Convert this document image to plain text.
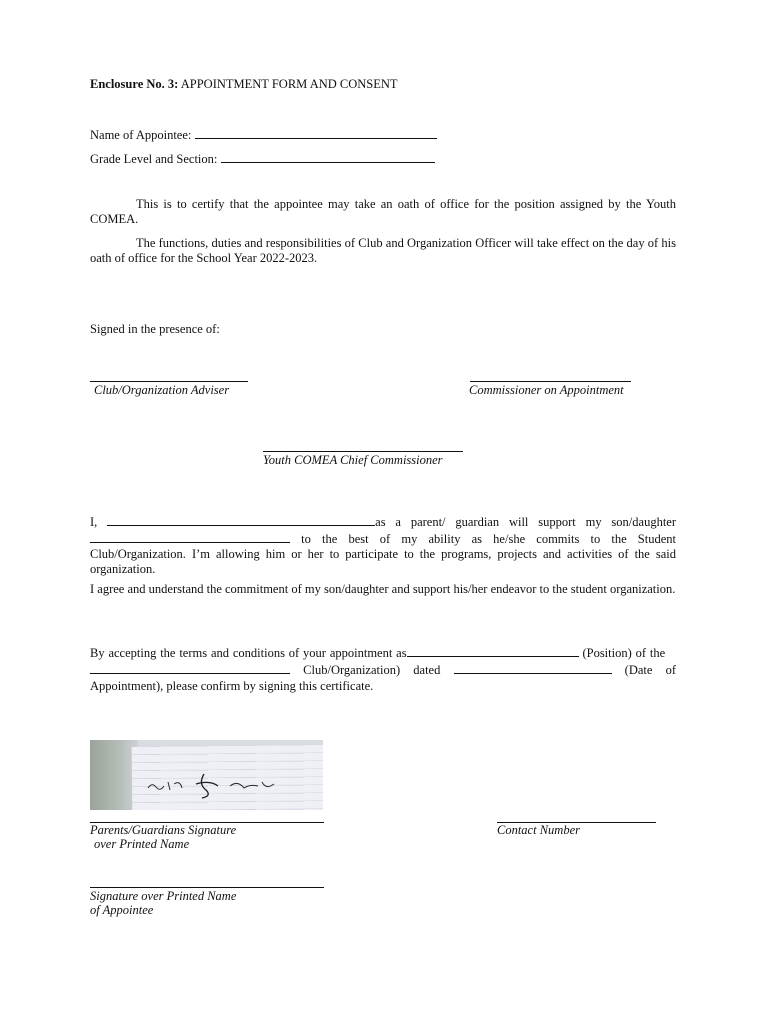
Enclosure No. 3: APPOINTMENT FORM AND CONSENT
Name of Appointee:
Grade Level and Section:
This is to certify that the appointee may take an oath of office for the position assigned by the Youth COMEA.
The functions, duties and responsibilities of Club and Organization Officer will take effect on the day of his oath of office for the School Year 2022-2023.
Signed in the presence of:
Club/Organization Adviser	Commissioner on Appointment
Youth COMEA Chief Commissioner
I,	as a parent/ guardian will support my son/daughter  to the best of my ability as he/she commits to the Student Club/Organization. I’m allowing him or her to participate to the programs, projects and activities of the said organization.
I agree and understand the commitment of my son/daughter and support his/her endeavor to the student organization.
By accepting the terms and conditions of your appointment as	(Position) of the    Club/Organization) dated	(Date of Appointment), please confirm by signing this certificate.
Parents/Guardians Signature
over Printed Name
Contact Number
Signature over Printed Name
of Appointee
